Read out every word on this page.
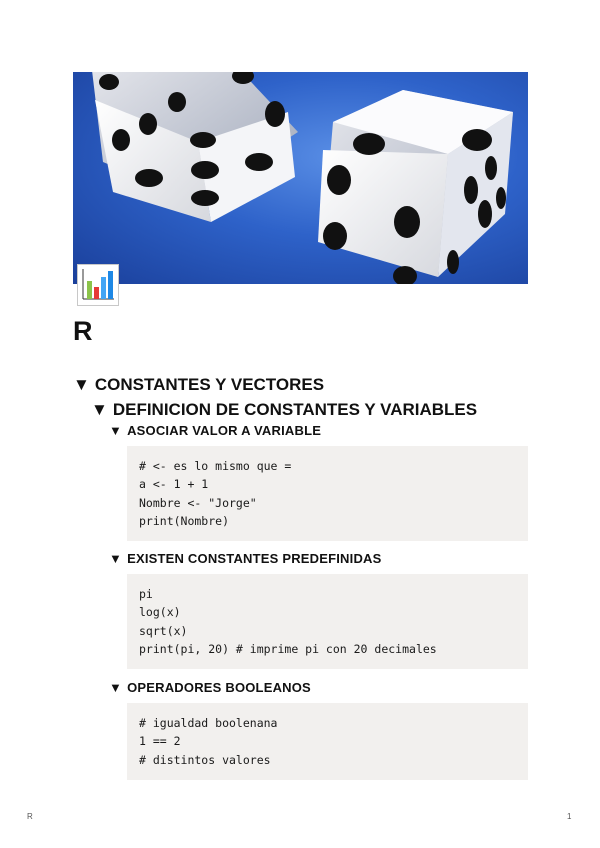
R
▼ CONSTANTES Y VECTORES
▼ DEFINICION DE CONSTANTES Y VARIABLES
▼ ASOCIAR VALOR A VARIABLE
# <- es lo mismo que =
a <- 1 + 1
Nombre <- "Jorge"
print(Nombre)
▼ EXISTEN CONSTANTES PREDEFINIDAS
pi
log(x)
sqrt(x)
print(pi, 20) # imprime pi con 20 decimales
▼ OPERADORES BOOLEANOS
# igualdad boolenana
1 == 2
# distintos valores
R	1
